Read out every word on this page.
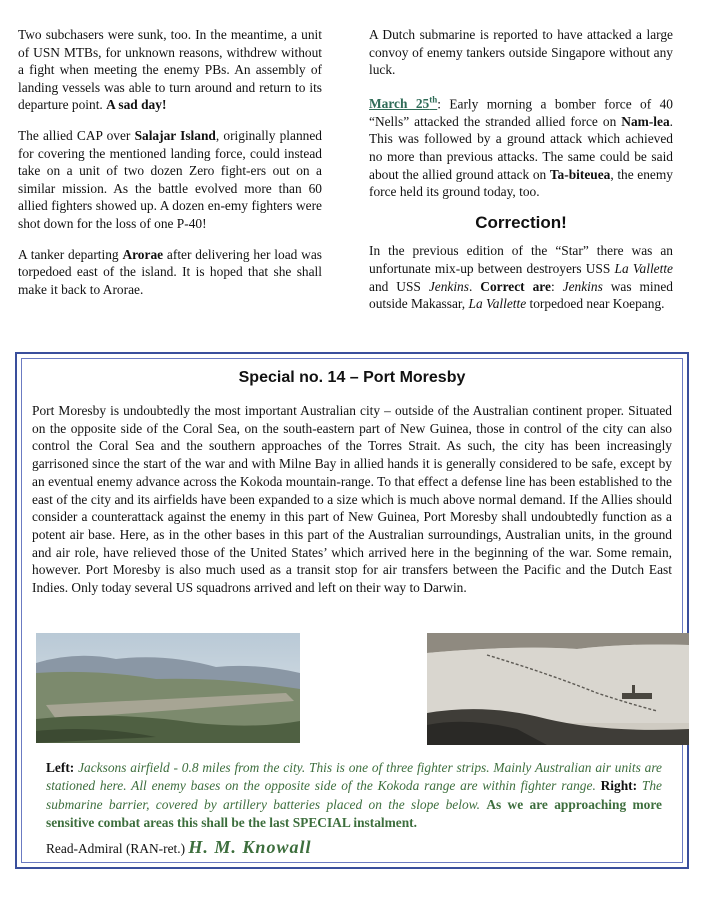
Two subchasers were sunk, too. In the meantime, a unit of USN MTBs, for unknown reasons, withdrew without a fight when meeting the enemy PBs. An assembly of landing vessels was able to turn around and return to its departure point. A sad day!

The allied CAP over Salajar Island, originally planned for covering the mentioned landing force, could instead take on a unit of two dozen Zero fight-ers out on a similar mission. As the battle evolved more than 60 allied fighters showed up. A dozen en-emy fighters were shot down for the loss of one P-40!

A tanker departing Arorae after delivering her load was torpedoed east of the island. It is hoped that she shall make it back to Arorae.

A Dutch submarine is reported to have attacked a large convoy of enemy tankers outside Singapore without any luck.

March 25th: Early morning a bomber force of 40 “Nells” attacked the stranded allied force on Nam-lea. This was followed by a ground attack which achieved no more than previous attacks. The same could be said about the allied ground attack on Ta-biteuea, the enemy force held its ground today, too.

Correction!

In the previous edition of the “Star” there was an unfortunate mix-up between destroyers USS La Vallette and USS Jenkins. Correct are: Jenkins was mined outside Makassar, La Vallette torpedoed near Koepang.

Special no. 14 – Port Moresby
Port Moresby is undoubtedly the most important Australian city – outside of the Australian continent proper. Situated on the opposite side of the Coral Sea, on the south-eastern part of New Guinea, those in control of the city can also control the Coral Sea and the southern approaches of the Torres Strait. As such, the city has been increasingly garrisoned since the start of the war and with Milne Bay in allied hands it is generally considered to be safe, except by an eventual enemy advance across the Kokoda mountain-range. To that effect a defense line has been established to the east of the city and its airfields have been expanded to a size which is much above normal demand. If the Allies should consider a counterattack against the enemy in this part of New Guinea, Port Moresby shall undoubtedly function as a potent air base. Here, as in the other bases in this part of the Australian surroundings, Australian units, in the ground and air role, have relieved those of the United States’ which arrived here in the beginning of the war. Some remain, however. Port Moresby is also much used as a transit stop for air transfers between the Pacific and the Dutch East Indies. Only today several US squadrons arrived and left on their way to Darwin.
Left: Jacksons airfield - 0.8 miles from the city. This is one of three fighter strips. Mainly Australian air units are stationed here. All enemy bases on the opposite side of the Kokoda range are within fighter range. Right: The submarine barrier, covered by artillery batteries placed on the slope below. As we are approaching more sensitive combat areas this shall be the last SPECIAL instalment.
Read-Admiral (RAN-ret.) H. M. Knowall
